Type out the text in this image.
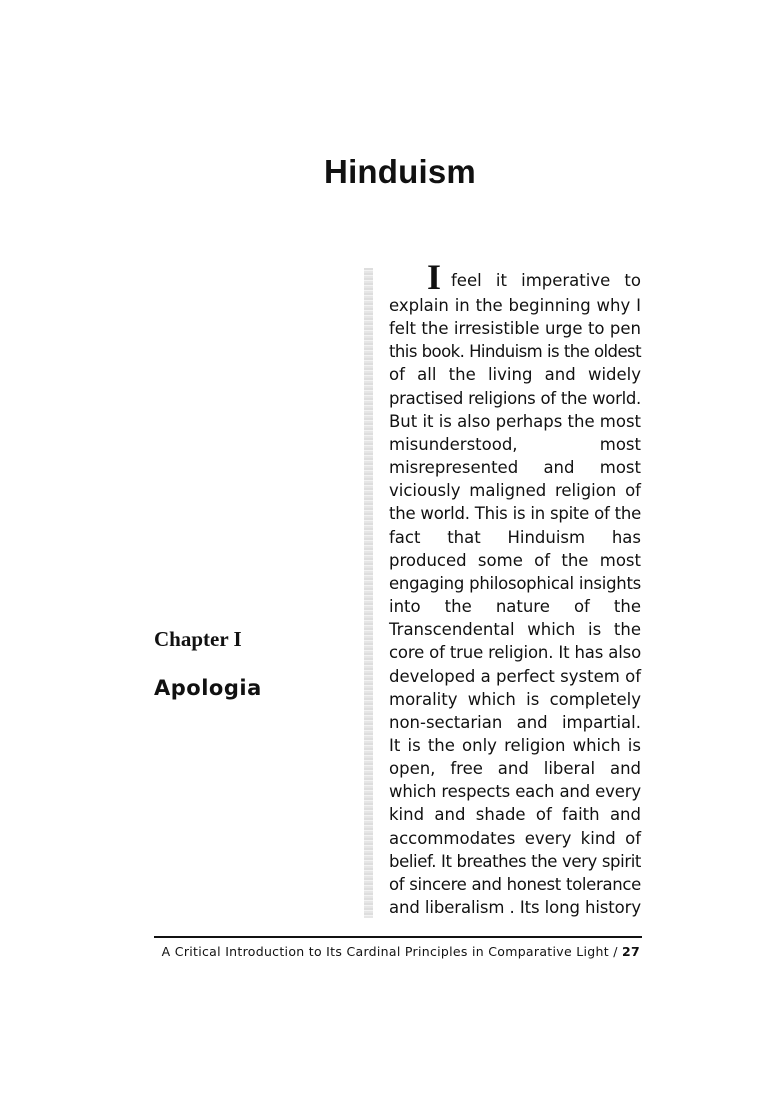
Hinduism
Chapter I
Apologia
I feel it imperative to
explain in the beginning why I
felt the irresistible urge to pen
this book. Hinduism is the oldest
of all the living and widely
practised religions of the world.
But it is also perhaps the most
misunderstood, most
misrepresented and most
viciously maligned religion of
the world. This is in spite of the
fact that Hinduism has
produced some of the most
engaging philosophical insights
into the nature of the
Transcendental which is the
core of true religion. It has also
developed a perfect system of
morality which is completely
non-sectarian and impartial.
It is the only religion which is
open, free and liberal and
which respects each and every
kind and shade of faith and
accommodates every kind of
belief. It breathes the very spirit
of sincere and honest tolerance
and liberalism . Its long history
A Critical Introduction to Its Cardinal Principles in Comparative Light / 27
